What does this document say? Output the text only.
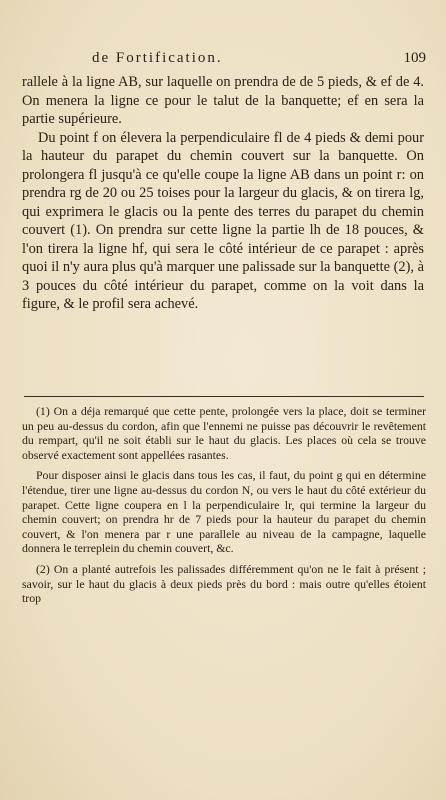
de Fortification.	109

rallele à la ligne AB, sur laquelle on prendra de de 5 pieds, & ef de 4. On menera la ligne ce pour le talut de la banquette; ef en sera la partie supérieure.

Du point f on élevera la perpendiculaire fl de 4 pieds & demi pour la hauteur du parapet du chemin couvert sur la banquette. On prolongera fl jusqu'à ce qu'elle coupe la ligne AB dans un point r: on prendra rg de 20 ou 25 toises pour la largeur du glacis, & on tirera lg, qui exprimera le glacis ou la pente des terres du parapet du chemin couvert (1). On prendra sur cette ligne la partie lh de 18 pouces, & l'on tirera la ligne hf, qui sera le côté intérieur de ce parapet : après quoi il n'y aura plus qu'à marquer une palissade sur la banquette (2), à 3 pouces du côté intérieur du parapet, comme on la voit dans la figure, & le profil sera achevé.

(1) On a déja remarqué que cette pente, prolongée vers la place, doit se terminer un peu au-dessus du cordon, afin que l'ennemi ne puisse pas découvrir le revêtement du rempart, qu'il ne soit établi sur le haut du glacis. Les places où cela se trouve observé exactement sont appellées rasantes.

Pour disposer ainsi le glacis dans tous les cas, il faut, du point g qui en détermine l'étendue, tirer une ligne au-dessus du cordon N, ou vers le haut du côté extérieur du parapet. Cette ligne coupera en l la perpendiculaire lr, qui termine la largeur du chemin couvert; on prendra hr de 7 pieds pour la hauteur du parapet du chemin couvert, & l'on menera par r une parallele au niveau de la campagne, laquelle donnera le terreplein du chemin couvert, &c.

(2) On a planté autrefois les palissades différemment qu'on ne le fait à présent ; savoir, sur le haut du glacis à deux pieds près du bord : mais outre qu'elles étoient trop
